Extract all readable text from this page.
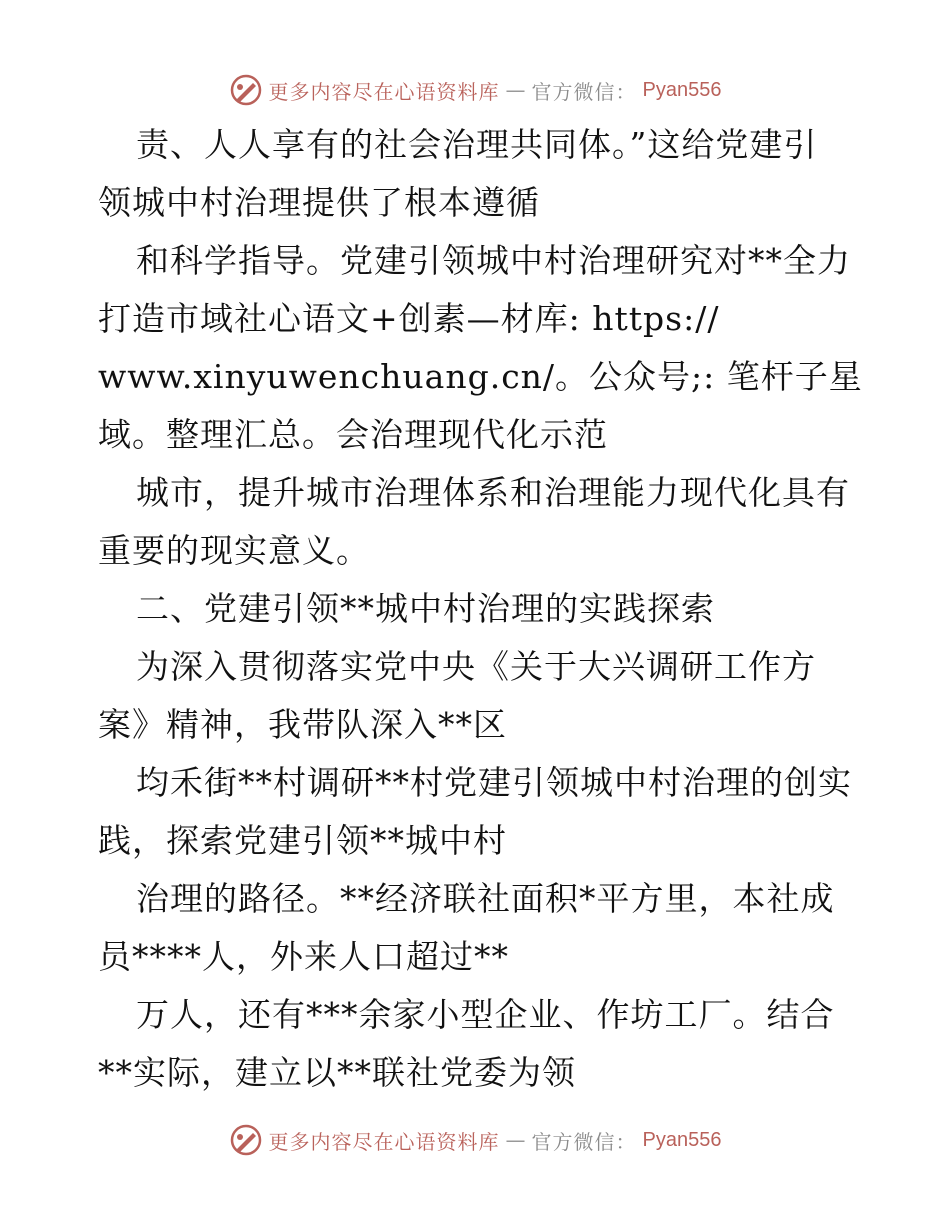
更多内容尽在心语资料库 — 官方微信： Pyan556
责、人人享有的社会治理共同体。”这给党建引
领城中村治理提供了根本遵循
和科学指导。党建引领城中村治理研究对**全力
打造市域社心语文+创素—材库: https://
www.xinyuwenchuang.cn/。公众号;: 笔杆子星
域。整理汇总。会治理现代化示范
城市，提升城市治理体系和治理能力现代化具有
重要的现实意义。
二、党建引领**城中村治理的实践探索
为深入贯彻落实党中央《关于大兴调研工作方
案》精神，我带队深入**区
均禾街**村调研**村党建引领城中村治理的创实
践，探索党建引领**城中村
治理的路径。**经济联社面积*平方里，本社成
员****人，外来人口超过**
万人，还有***余家小型企业、作坊工厂。结合
**实际，建立以**联社党委为领
更多内容尽在心语资料库 — 官方微信： Pyan556
